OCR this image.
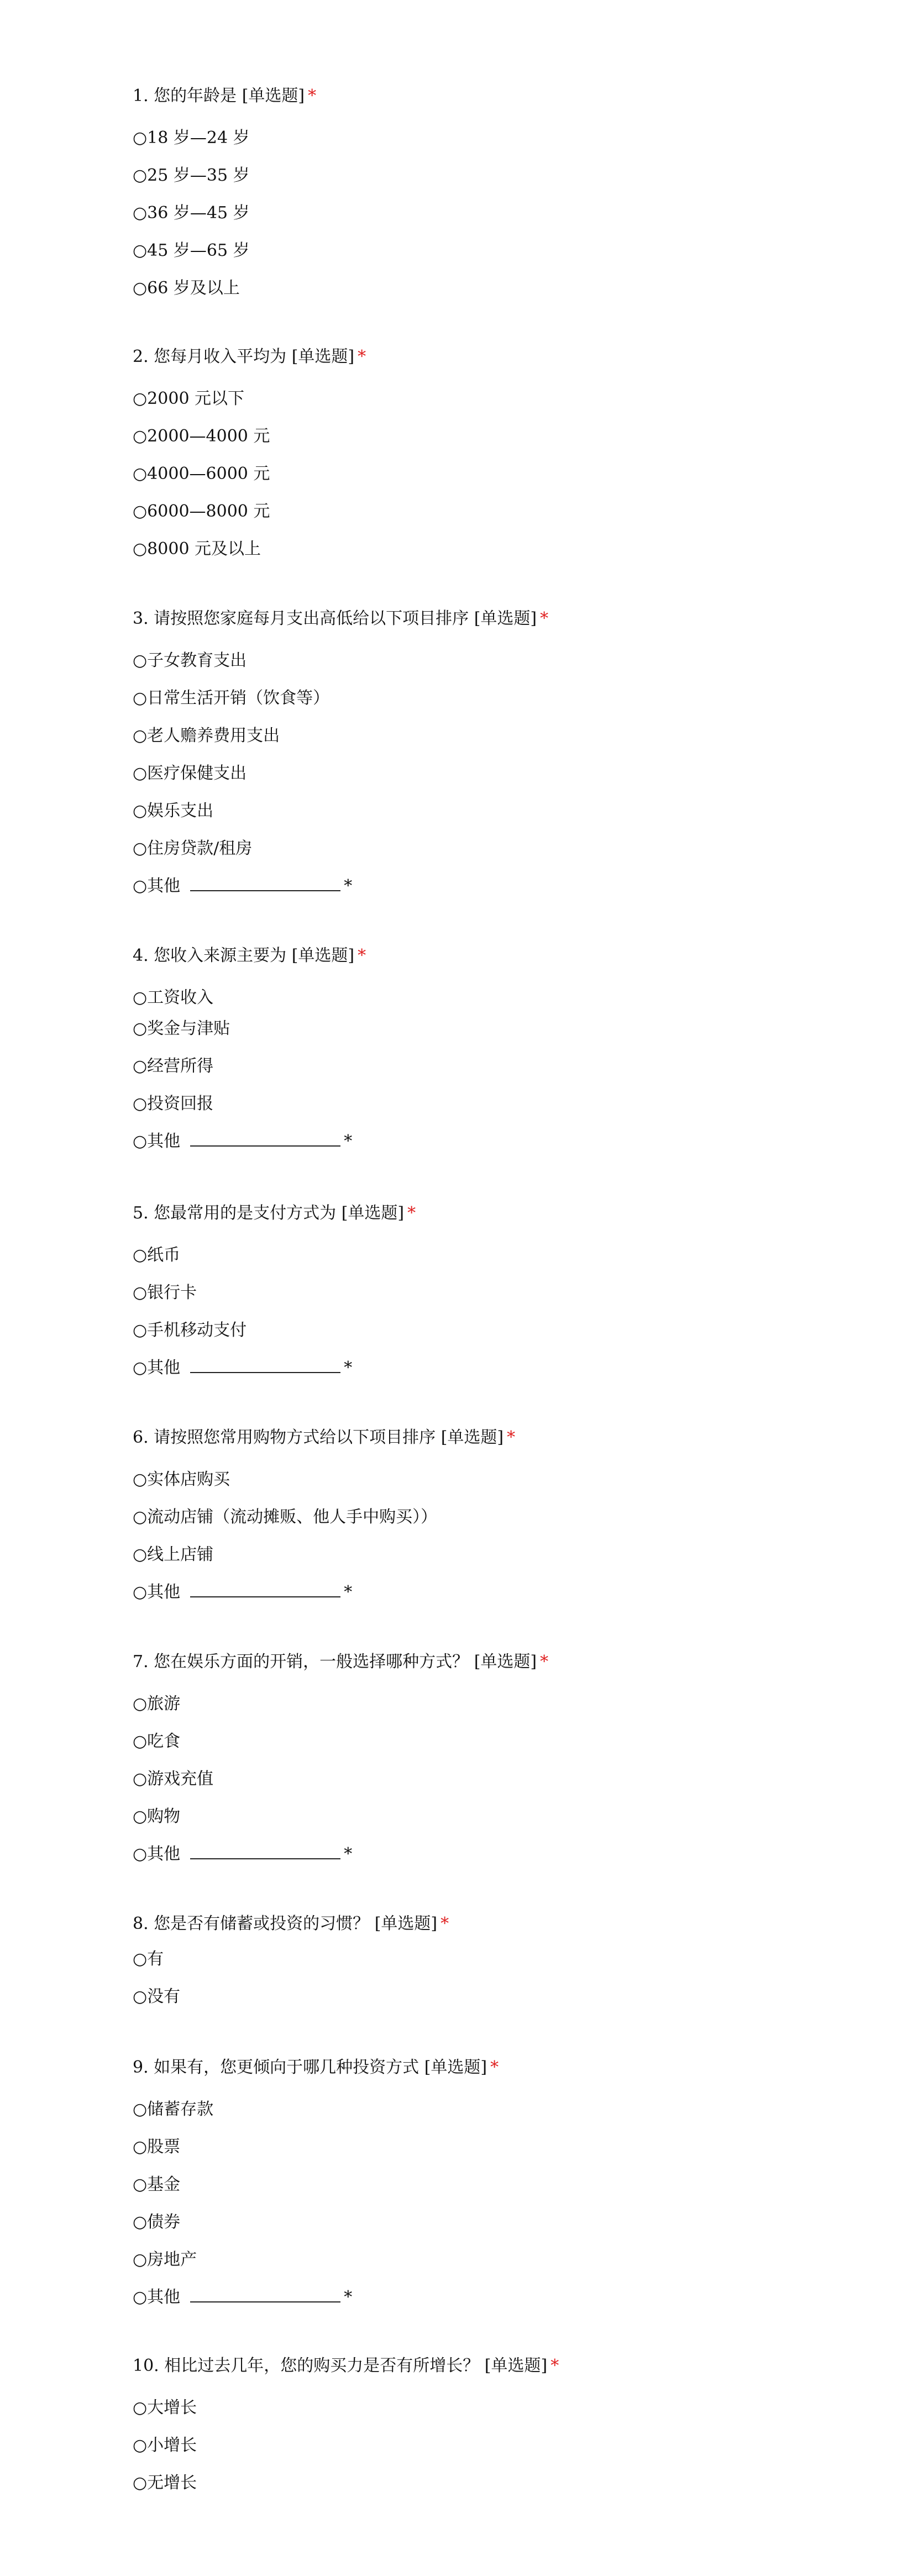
1. 您的年龄是 [单选题] *
○18 岁—24 岁
○25 岁—35 岁
○36 岁—45 岁
○45 岁—65 岁
○66 岁及以上
2. 您每月收入平均为 [单选题] *
○2000 元以下
○2000—4000 元
○4000—6000 元
○6000—8000 元
○8000 元及以上
3. 请按照您家庭每月支出高低给以下项目排序 [单选题] *
○子女教育支出
○日常生活开销（饮食等）
○老人赡养费用支出
○医疗保健支出
○娱乐支出
○住房贷款/租房
○其他	*
4. 您收入来源主要为 [单选题] *
○工资收入
○奖金与津贴
○经营所得
○投资回报
○其他	*
5. 您最常用的是支付方式为 [单选题] *
○纸币
○银行卡
○手机移动支付
○其他	*
6. 请按照您常用购物方式给以下项目排序 [单选题] *
○实体店购买
○流动店铺（流动摊贩、他人手中购买））
○线上店铺
○其他	*
7. 您在娱乐方面的开销，一般选择哪种方式？ [单选题] *
○旅游
○吃食
○游戏充值
○购物
○其他	*
8. 您是否有储蓄或投资的习惯？ [单选题] *
○有
○没有
9. 如果有，您更倾向于哪几种投资方式 [单选题] *
○储蓄存款
○股票
○基金
○债券
○房地产
○其他	*
10. 相比过去几年，您的购买力是否有所增长？ [单选题] *
○大增长
○小增长
○无增长
